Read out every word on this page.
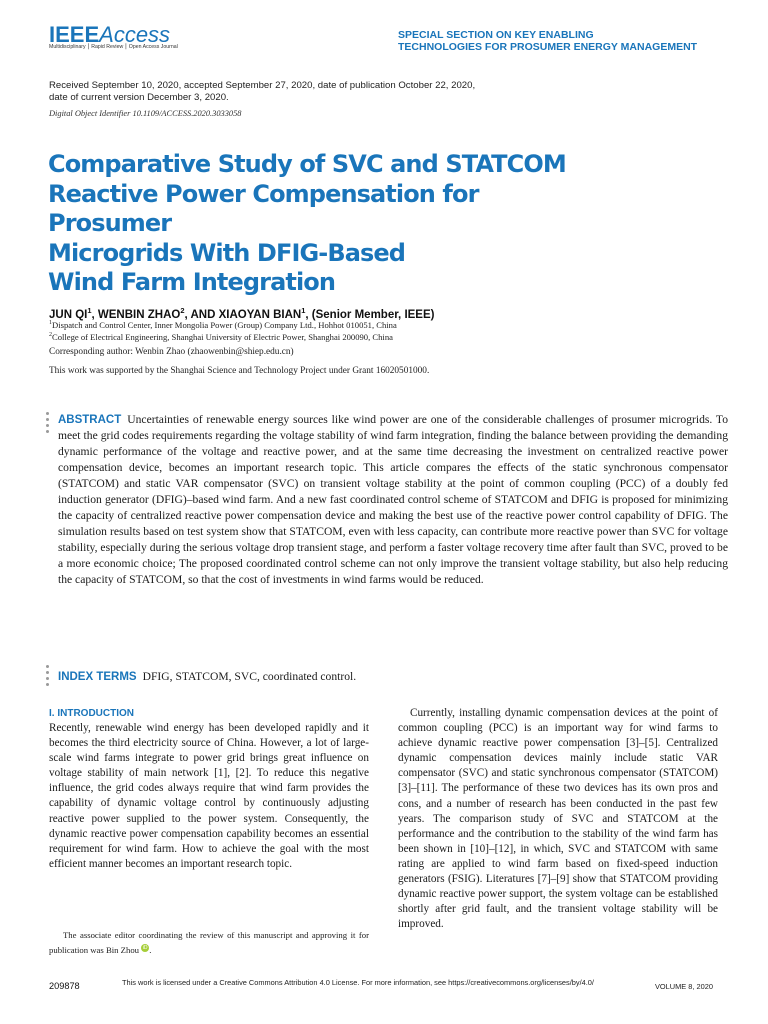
IEEEAccess
Multidisciplinary ⎮ Rapid Review ⎮ Open Access Journal
SPECIAL SECTION ON KEY ENABLING
TECHNOLOGIES FOR PROSUMER ENERGY MANAGEMENT
Received September 10, 2020, accepted September 27, 2020, date of publication October 22, 2020,
date of current version December 3, 2020.
Digital Object Identifier 10.1109/ACCESS.2020.3033058
Comparative Study of SVC and STATCOM
Reactive Power Compensation for Prosumer
Microgrids With DFIG-Based
Wind Farm Integration
JUN $QI^1$, WENBIN ZHAO$^2$, AND XIAOYAN BIAN$^1$, (Senior Member, IEEE)
$^1$Dispatch and Control Center, Inner Mongolia Power (Group) Company Ltd., Hohhot 010051, China
$^2$College of Electrical Engineering, Shanghai University of Electric Power, Shanghai 200090, China
Corresponding author: Wenbin Zhao (zhaowenbin@shiep.edu.cn)
This work was supported by the Shanghai Science and Technology Project under Grant 16020501000.
ABSTRACT Uncertainties of renewable energy sources like wind power are one of the considerable challenges of prosumer microgrids. To meet the grid codes requirements regarding the voltage stability of wind farm integration, finding the balance between providing the demanding dynamic performance of the voltage and reactive power, and at the same time decreasing the investment on centralized reactive power compensation device, becomes an important research topic. This article compares the effects of the static synchronous compensator (STATCOM) and static VAR compensator (SVC) on transient voltage stability at the point of common coupling (PCC) of a doubly fed induction generator (DFIG)–based wind farm. And a new fast coordinated control scheme of STATCOM and DFIG is proposed for minimizing the capacity of centralized reactive power compensation device and making the best use of the reactive power control capability of DFIG. The simulation results based on test system show that STATCOM, even with less capacity, can contribute more reactive power than SVC for voltage stability, especially during the serious voltage drop transient stage, and perform a faster voltage recovery time after fault than SVC, proved to be a more economic choice; The proposed coordinated control scheme can not only improve the transient voltage stability, but also help reducing the capacity of STATCOM, so that the cost of investments in wind farms would be reduced.
INDEX TERMS DFIG, STATCOM, SVC, coordinated control.
I. INTRODUCTION
Recently, renewable wind energy has been developed rapidly and it becomes the third electricity source of China. However, a lot of large-scale wind farms integrate to power grid brings great influence on voltage stability of main network [1], [2]. To reduce this negative influence, the grid codes always require that wind farm provides the capability of dynamic voltage control by continuously adjusting reactive power supplied to the power system. Consequently, the dynamic reactive power compensation capability becomes an essential requirement for wind farm. How to achieve the goal with the most efficient manner becomes an important research topic.
Currently, installing dynamic compensation devices at the point of common coupling (PCC) is an important way for wind farms to achieve dynamic reactive power compensation [3]–[5]. Centralized dynamic compensation devices mainly include static VAR compensator (SVC) and static synchronous compensator (STATCOM) [3]–[11]. The performance of these two devices has its own pros and cons, and a number of research has been conducted in the past few years. The comparison study of SVC and STATCOM at the performance and the contribution to the stability of the wind farm has been shown in [10]–[12], in which, SVC and STATCOM with same rating are applied to wind farm based on fixed-speed induction generators (FSIG). Literatures [7]–[9] show that STATCOM providing dynamic reactive power support, the system voltage can be established shortly after grid fault, and the transient voltage stability will be improved.
The associate editor coordinating the review of this manuscript and approving it for publication was Bin Zhou iD .
209878	This work is licensed under a Creative Commons Attribution 4.0 License. For more information, see https://creativecommons.org/licenses/by/4.0/	VOLUME 8, 2020
